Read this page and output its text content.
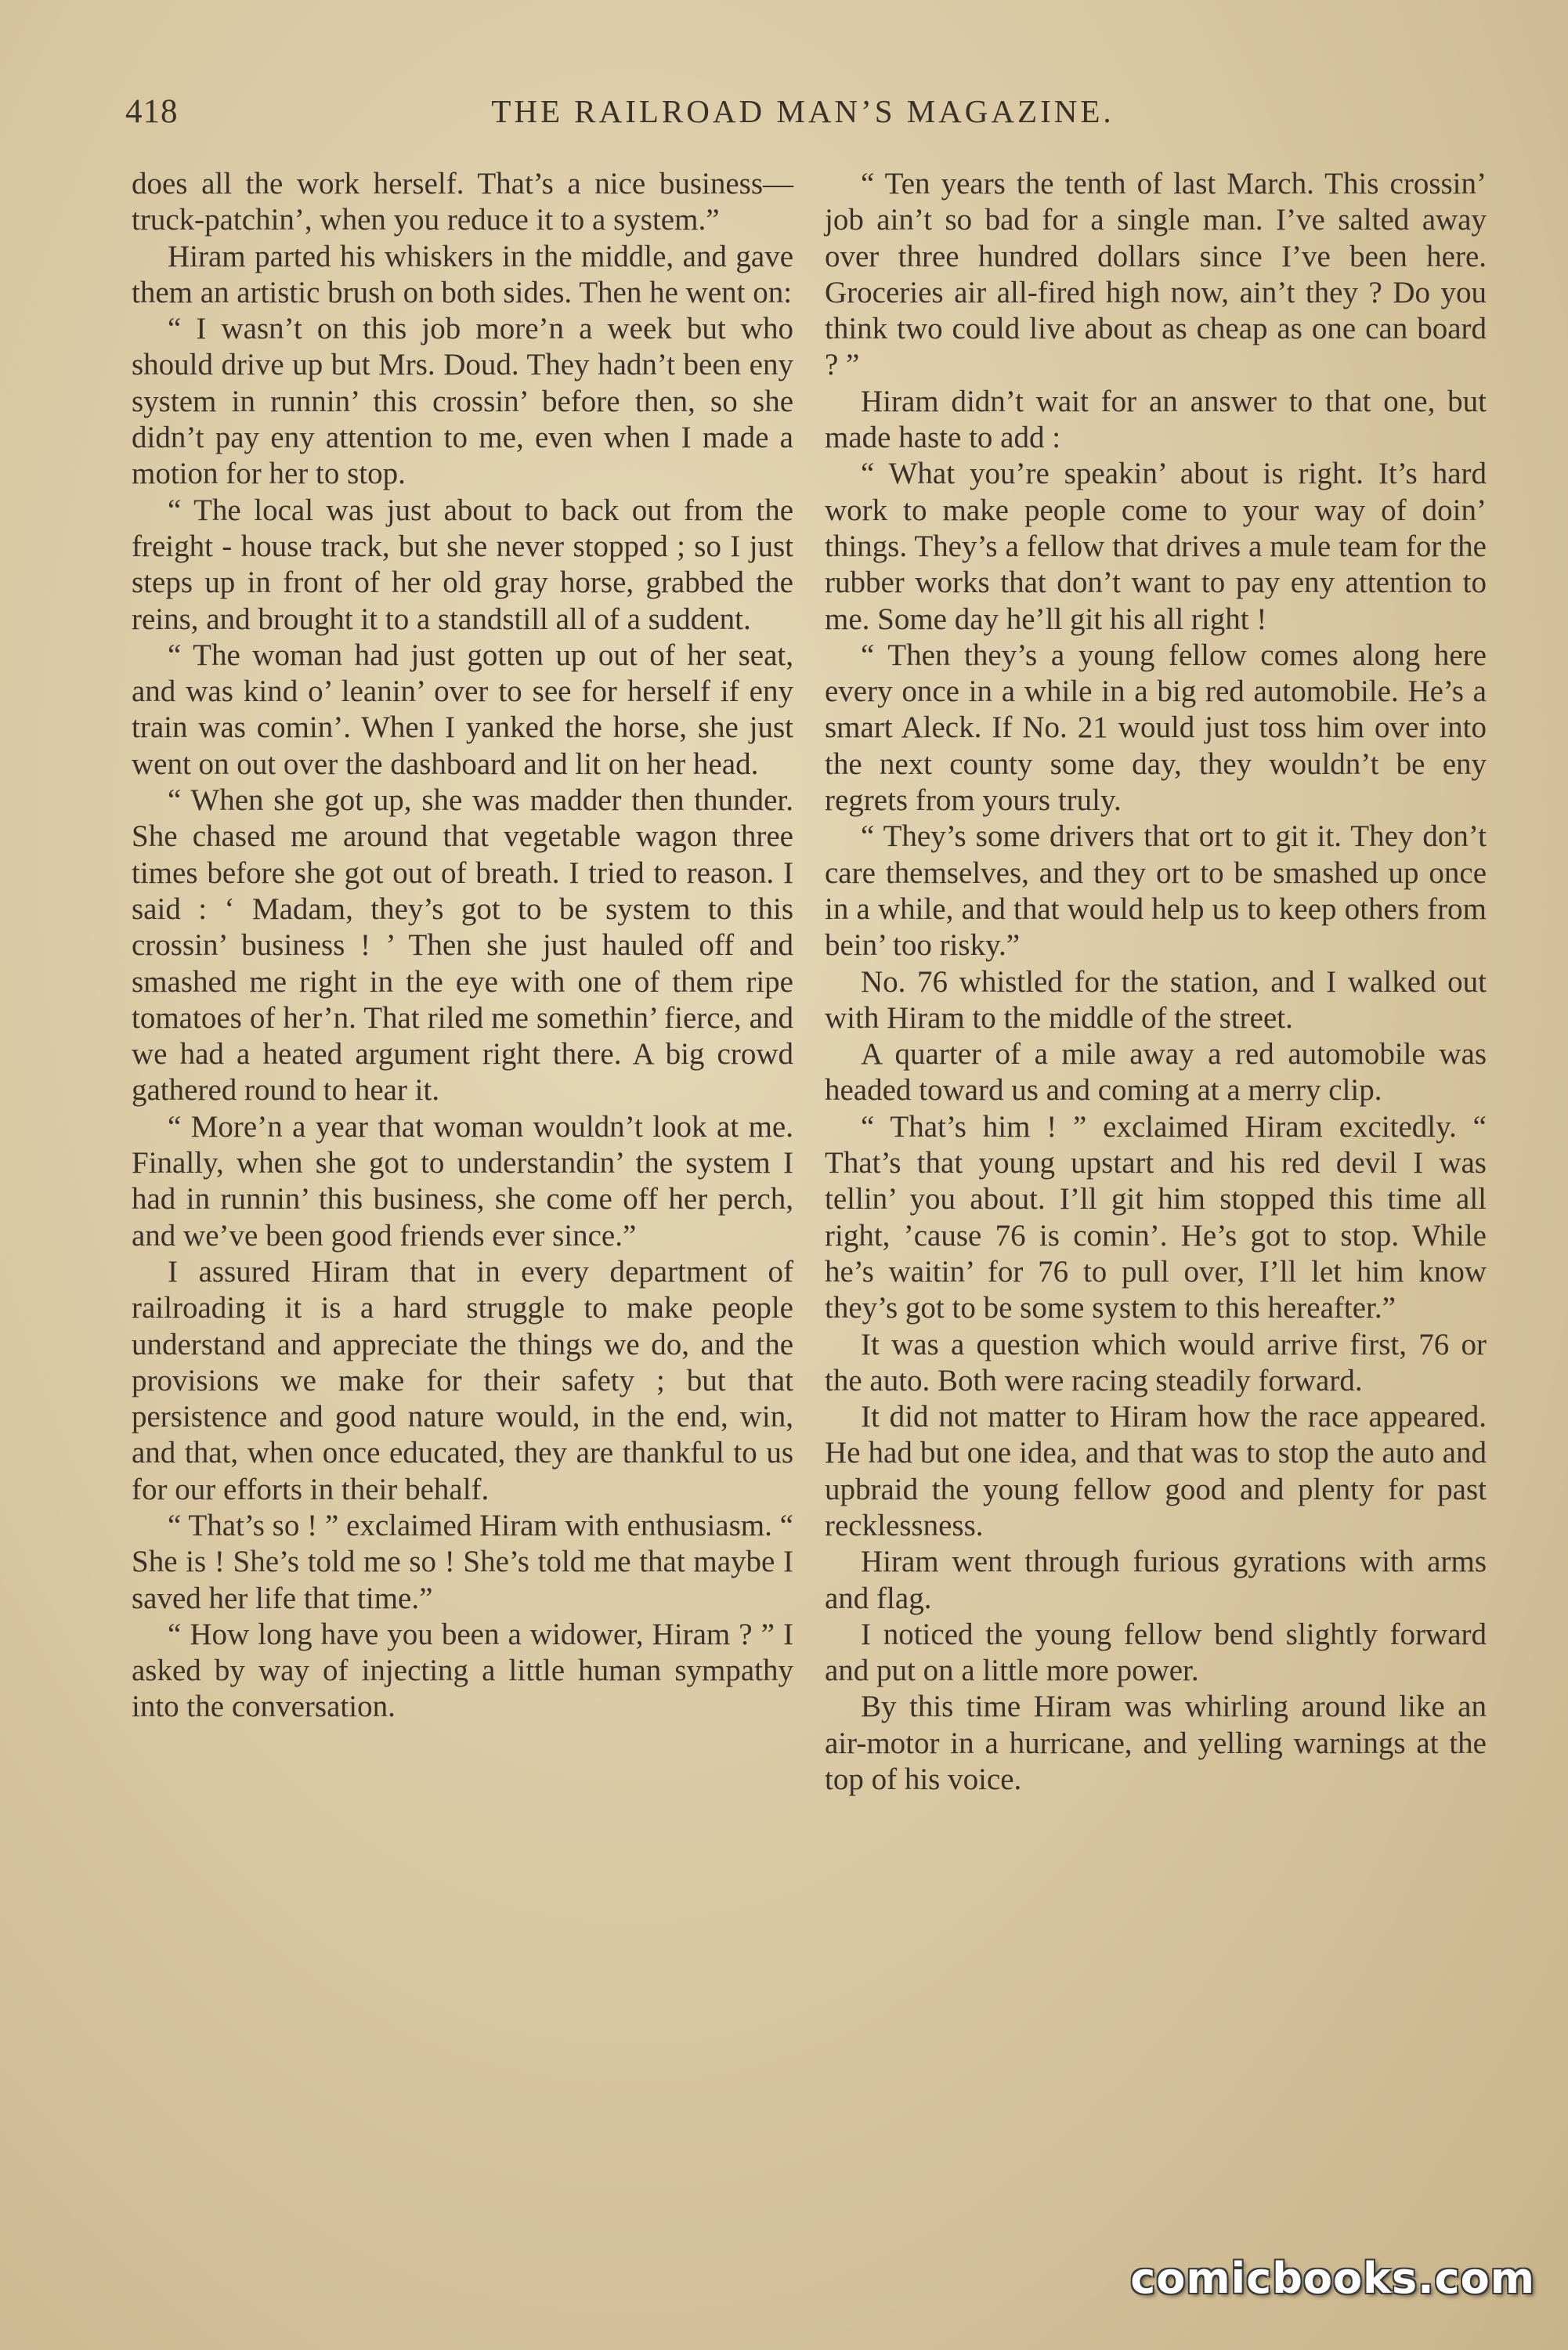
418	THE RAILROAD MAN’S MAGAZINE.

does all the work herself. That’s a nice business—truck-patchin’, when you reduce it to a system.”

Hiram parted his whiskers in the middle, and gave them an artistic brush on both sides. Then he went on:

“ I wasn’t on this job more’n a week but who should drive up but Mrs. Doud. They hadn’t been eny system in runnin’ this crossin’ before then, so she didn’t pay eny attention to me, even when I made a motion for her to stop.

“ The local was just about to back out from the freight - house track, but she never stopped ; so I just steps up in front of her old gray horse, grabbed the reins, and brought it to a standstill all of a suddent.

“ The woman had just gotten up out of her seat, and was kind o’ leanin’ over to see for herself if eny train was comin’. When I yanked the horse, she just went on out over the dashboard and lit on her head.

“ When she got up, she was madder then thunder. She chased me around that vegetable wagon three times before she got out of breath. I tried to reason. I said : ‘ Madam, they’s got to be system to this crossin’ business ! ’ Then she just hauled off and smashed me right in the eye with one of them ripe tomatoes of her’n. That riled me somethin’ fierce, and we had a heated argument right there. A big crowd gathered round to hear it.

“ More’n a year that woman wouldn’t look at me. Finally, when she got to understandin’ the system I had in runnin’ this business, she come off her perch, and we’ve been good friends ever since.”

I assured Hiram that in every department of railroading it is a hard struggle to make people understand and appreciate the things we do, and the provisions we make for their safety ; but that persistence and good nature would, in the end, win, and that, when once educated, they are thankful to us for our efforts in their behalf.

“ That’s so ! ” exclaimed Hiram with enthusiasm. “ She is ! She’s told me so ! She’s told me that maybe I saved her life that time.”

“ How long have you been a widower, Hiram ? ” I asked by way of injecting a little human sympathy into the conversation.

“ Ten years the tenth of last March. This crossin’ job ain’t so bad for a single man. I’ve salted away over three hundred dollars since I’ve been here. Groceries air all-fired high now, ain’t they ? Do you think two could live about as cheap as one can board ? ”

Hiram didn’t wait for an answer to that one, but made haste to add :

“ What you’re speakin’ about is right. It’s hard work to make people come to your way of doin’ things. They’s a fellow that drives a mule team for the rubber works that don’t want to pay eny attention to me. Some day he’ll git his all right !

“ Then they’s a young fellow comes along here every once in a while in a big red automobile. He’s a smart Aleck. If No. 21 would just toss him over into the next county some day, they wouldn’t be eny regrets from yours truly.

“ They’s some drivers that ort to git it. They don’t care themselves, and they ort to be smashed up once in a while, and that would help us to keep others from bein’ too risky.”

No. 76 whistled for the station, and I walked out with Hiram to the middle of the street.

A quarter of a mile away a red automobile was headed toward us and coming at a merry clip.

“ That’s him ! ” exclaimed Hiram excitedly. “ That’s that young upstart and his red devil I was tellin’ you about. I’ll git him stopped this time all right, ’cause 76 is comin’. He’s got to stop. While he’s waitin’ for 76 to pull over, I’ll let him know they’s got to be some system to this hereafter.”

It was a question which would arrive first, 76 or the auto. Both were racing steadily forward.

It did not matter to Hiram how the race appeared. He had but one idea, and that was to stop the auto and upbraid the young fellow good and plenty for past recklessness.

Hiram went through furious gyrations with arms and flag.

I noticed the young fellow bend slightly forward and put on a little more power.

By this time Hiram was whirling around like an air-motor in a hurricane, and yelling warnings at the top of his voice.

comicbooks.com
